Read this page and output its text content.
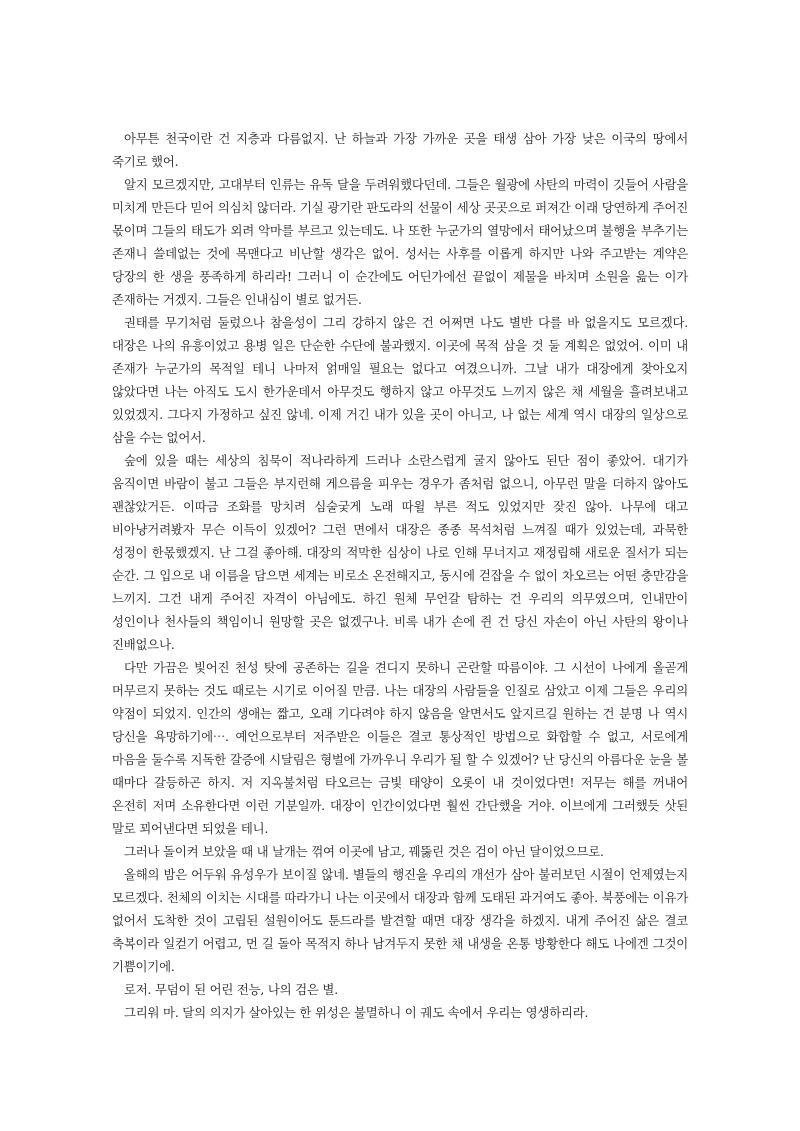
아무튼 천국이란 건 지층과 다름없지. 난 하늘과 가장 가까운 곳을 태생 삼아 가장 낮은 이국의 땅에서 죽기로 했어.

알지 모르겠지만, 고대부터 인류는 유독 달을 두려워했다던데. 그들은 월광에 사탄의 마력이 깃들어 사람을 미치게 만든다 믿어 의심치 않더라. 기실 광기란 판도라의 선물이 세상 곳곳으로 퍼져간 이래 당연하게 주어진 몫이며 그들의 태도가 외려 악마를 부르고 있는데도. 나 또한 누군가의 열망에서 태어났으며 불행을 부추기는 존재니 쓸데없는 것에 목맨다고 비난할 생각은 없어. 성서는 사후를 이롭게 하지만 나와 주고받는 계약은 당장의 한 생을 풍족하게 하리라! 그러니 이 순간에도 어딘가에선 끝없이 제물을 바치며 소원을 읊는 이가 존재하는 거겠지. 그들은 인내심이 별로 없거든.

권태를 무기처럼 둘렀으나 참을성이 그리 강하지 않은 건 어쩌면 나도 별반 다를 바 없을지도 모르겠다. 대장은 나의 유흥이었고 용병 일은 단순한 수단에 불과했지. 이곳에 목적 삼을 것 둘 계획은 없었어. 이미 내 존재가 누군가의 목적일 테니 나마저 얽매일 필요는 없다고 여겼으니까. 그날 내가 대장에게 찾아오지 않았다면 나는 아직도 도시 한가운데서 아무것도 행하지 않고 아무것도 느끼지 않은 채 세월을 흘려보내고 있었겠지. 그다지 가정하고 싶진 않네. 이제 거긴 내가 있을 곳이 아니고, 나 없는 세계 역시 대장의 일상으로 삼을 수는 없어서.

숲에 있을 때는 세상의 침묵이 적나라하게 드러나 소란스럽게 굴지 않아도 된단 점이 좋았어. 대기가 움직이면 바람이 불고 그들은 부지런해 게으름을 피우는 경우가 좀처럼 없으니, 아무런 말을 더하지 않아도 괜찮았거든. 이따금 조화를 망치려 심술궂게 노래 따윌 부른 적도 있었지만 잦진 않아. 나무에 대고 비아냥거려봤자 무슨 이득이 있겠어? 그런 면에서 대장은 종종 목석처럼 느껴질 때가 있었는데, 과묵한 성정이 한몫했겠지. 난 그걸 좋아해. 대장의 적막한 심상이 나로 인해 무너지고 재정립해 새로운 질서가 되는 순간. 그 입으로 내 이름을 담으면 세계는 비로소 온전해지고, 동시에 걷잡을 수 없이 차오르는 어떤 충만감을 느끼지. 그건 내게 주어진 자격이 아님에도. 하긴 원체 무언갈 탐하는 건 우리의 의무였으며, 인내만이 성인이나 천사들의 책임이니 원망할 곳은 없겠구나. 비록 내가 손에 쥔 건 당신 자손이 아닌 사탄의 왕이나 진배없으나.

다만 가끔은 빛어진 천성 탓에 공존하는 길을 견디지 못하니 곤란할 따름이야. 그 시선이 나에게 올곧게 머무르지 못하는 것도 때로는 시기로 이어질 만큼. 나는 대장의 사람들을 인질로 삼았고 이제 그들은 우리의 약점이 되었지. 인간의 생애는 짧고, 오래 기다려야 하지 않음을 알면서도 앞지르길 원하는 건 분명 나 역시 당신을 욕망하기에⋯. 예언으로부터 저주받은 이들은 결코 통상적인 방법으로 화합할 수 없고, 서로에게 마음을 둘수록 지독한 갈증에 시달림은 형벌에 가까우니 우리가 될 할 수 있겠어? 난 당신의 아름다운 눈을 볼 때마다 갈등하곤 하지. 저 지옥불처럼 타오르는 금빛 태양이 오롯이 내 것이었다면! 저무는 해를 꺼내어 온전히 저며 소유한다면 이런 기분일까. 대장이 인간이었다면 훨씬 간단했을 거야. 이브에게 그러했듯 삿된 말로 꾀어낸다면 되었을 테니.

그러나 돌이켜 보았을 때 내 날개는 꺾여 이곳에 남고, 꿰뚫린 것은 검이 아닌 달이었으므로.

올해의 밤은 어두워 유성우가 보이질 않네. 별들의 행진을 우리의 개선가 삼아 불러보던 시절이 언제였는지 모르겠다. 천체의 이치는 시대를 따라가니 나는 이곳에서 대장과 함께 도태된 과거여도 좋아. 북풍에는 이유가 없어서 도착한 것이 고립된 설원이어도 툰드라를 발견할 때면 대장 생각을 하겠지. 내게 주어진 삶은 결코 축복이라 일컫기 어렵고, 먼 길 돌아 목적지 하나 남겨두지 못한 채 내생을 온통 방황한다 해도 나에겐 그것이 기쁨이기에.

로저. 무덤이 된 어린 전능, 나의 검은 별.

그리워 마. 달의 의지가 살아있는 한 위성은 불멸하니 이 궤도 속에서 우리는 영생하리라.
